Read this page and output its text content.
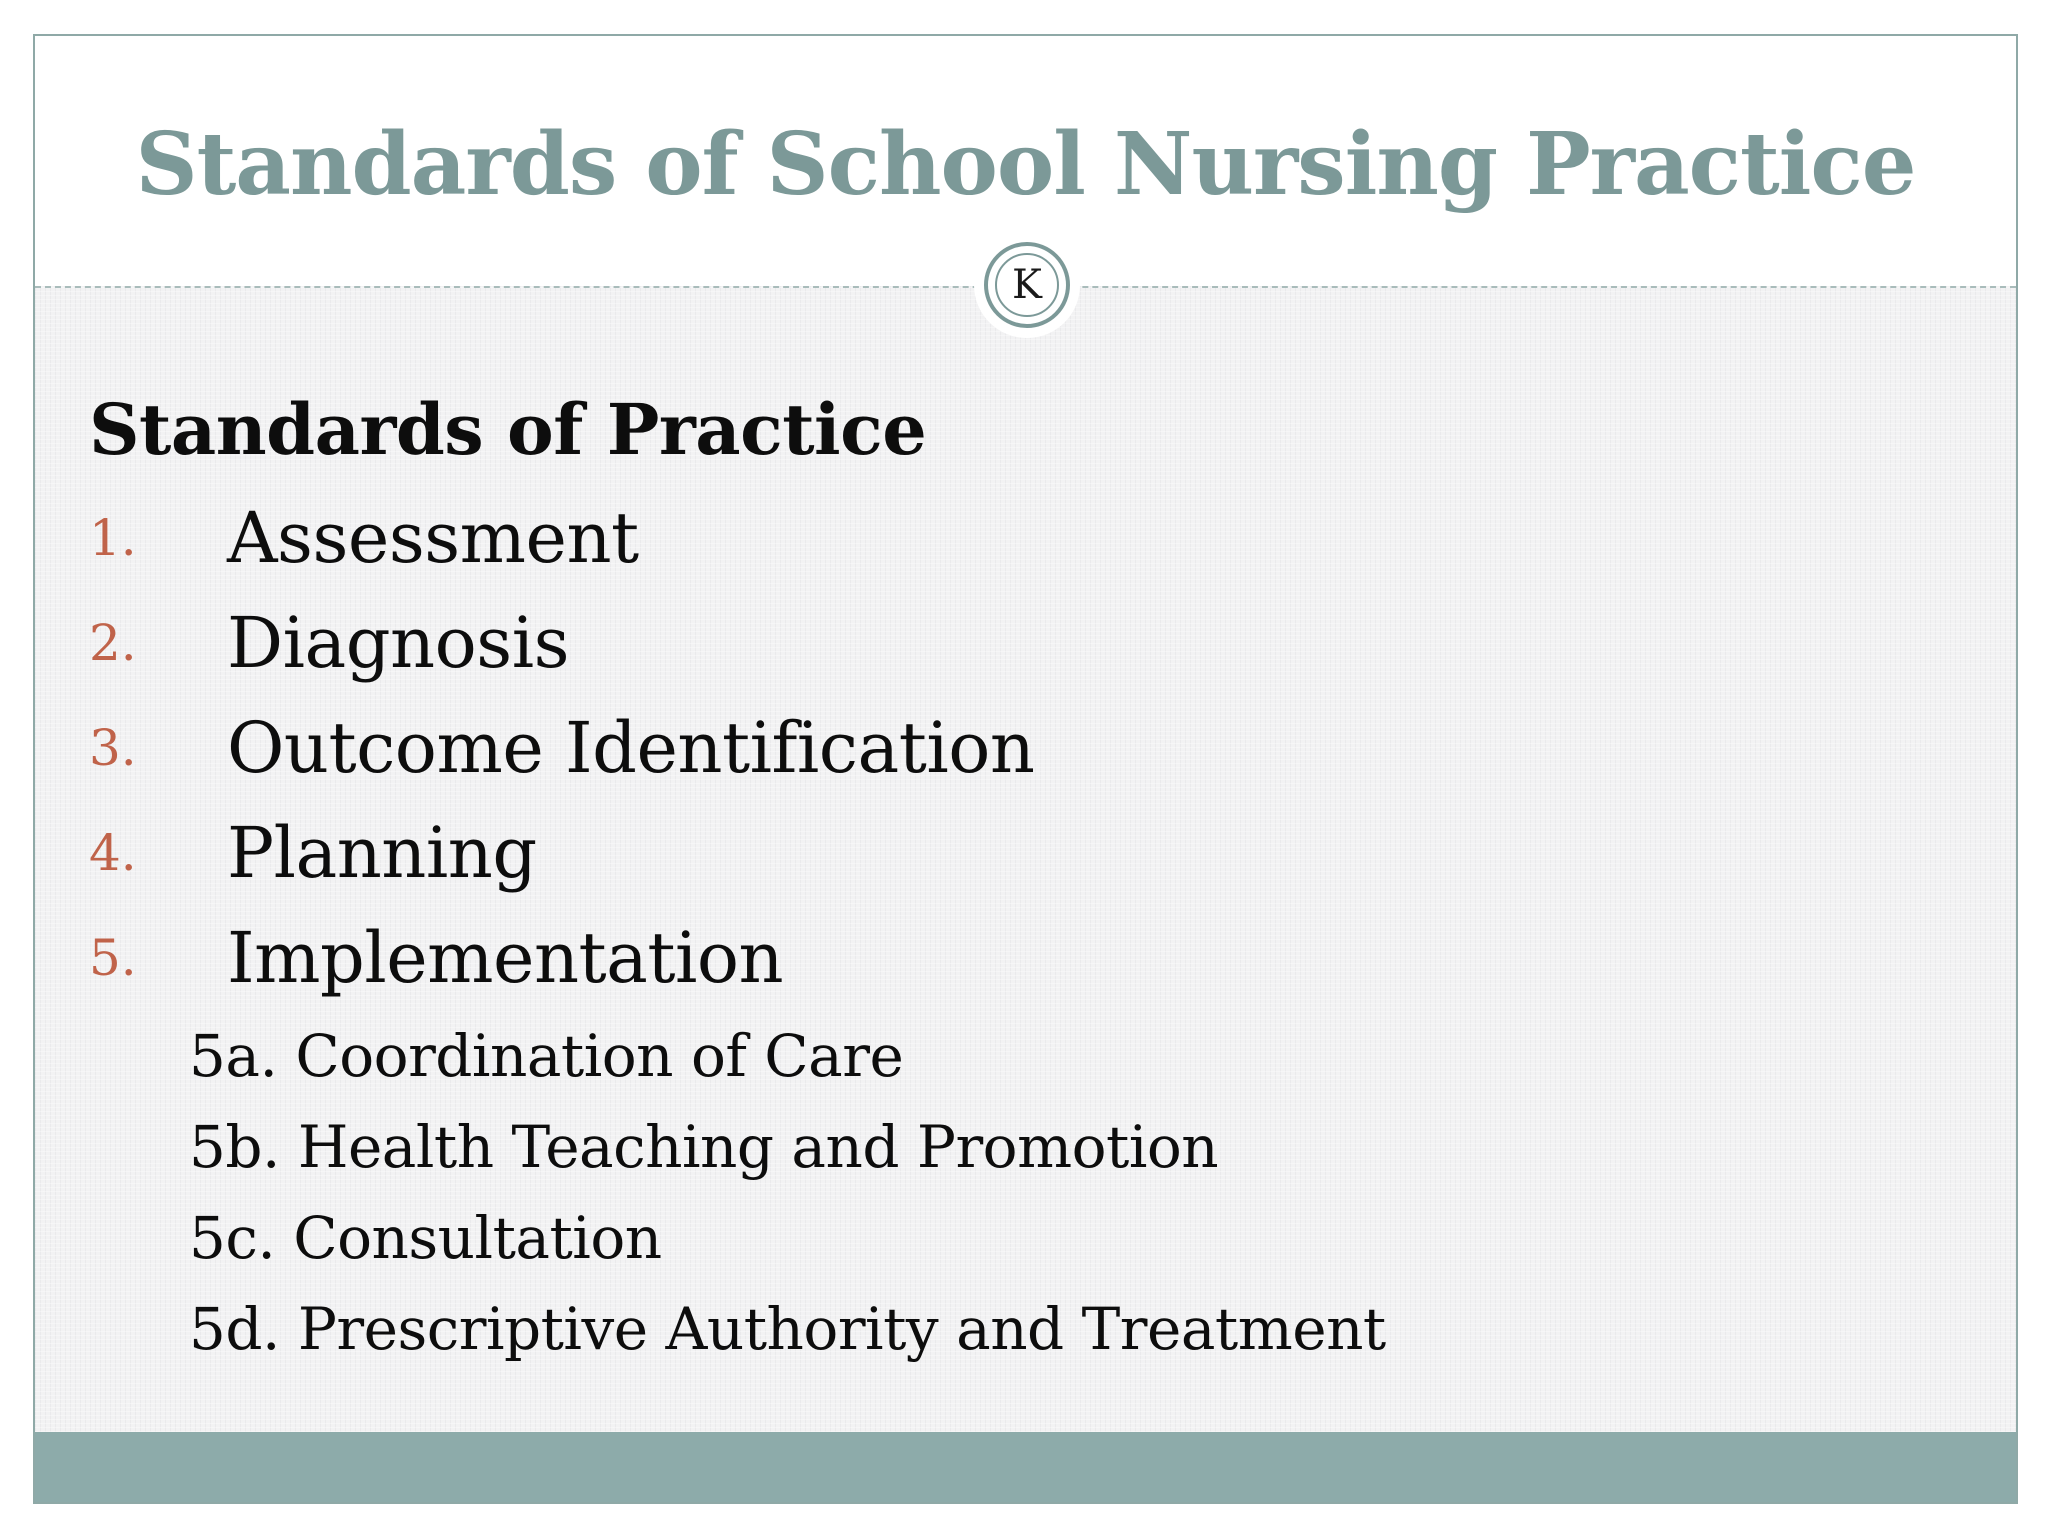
Standards of School Nursing Practice
K
Standards of Practice
1. Assessment
2. Diagnosis
3. Outcome Identification
4. Planning
5. Implementation
5a. Coordination of Care
5b. Health Teaching and Promotion
5c. Consultation
5d. Prescriptive Authority and Treatment
